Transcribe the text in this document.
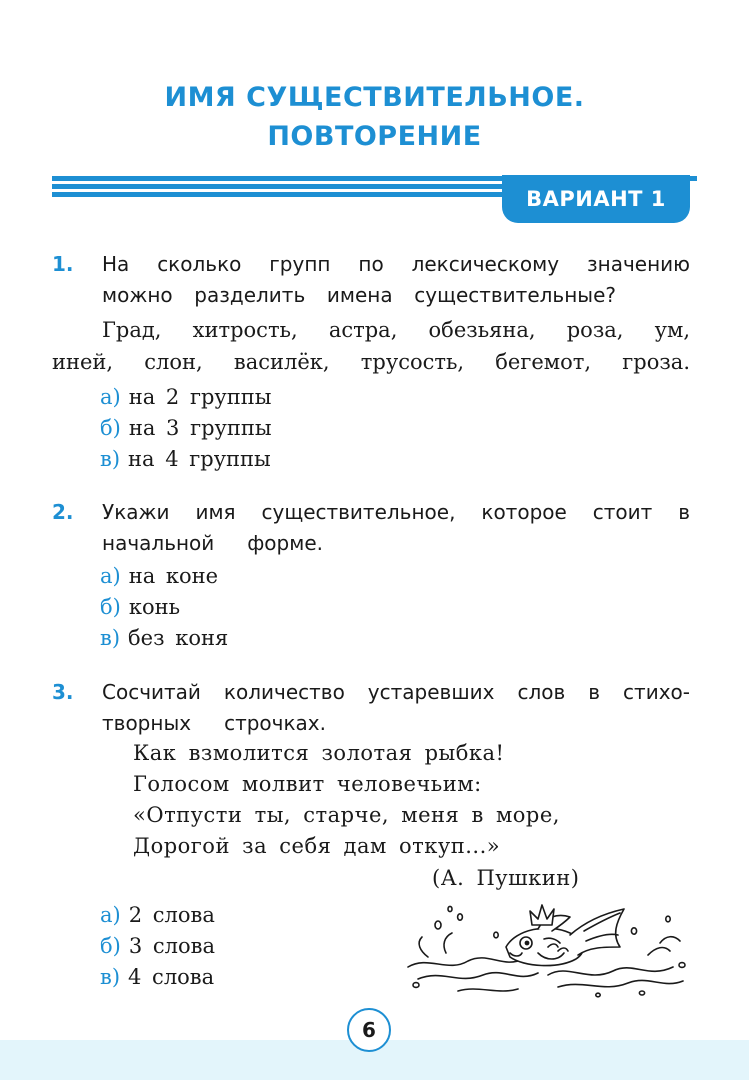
ИМЯ СУЩЕСТВИТЕЛЬНОЕ.
ПОВТОРЕНИЕ
ВАРИАНТ 1
1. На сколько групп по лексическому значению
можно разделить имена существительные?
Град, хитрость, астра, обезьяна, роза, ум,
иней, слон, василёк, трусость, бегемот, гроза.
а) на 2 группы
б) на 3 группы
в) на 4 группы
2. Укажи имя существительное, которое стоит в
начальной форме.
а) на коне
б) конь
в) без коня
3. Сосчитай количество устаревших слов в стихо-
творных строчках.
Как взмолится золотая рыбка!
Голосом молвит человечьим:
«Отпусти ты, старче, меня в море,
Дорогой за себя дам откуп...»
(А. Пушкин)
а) 2 слова
б) 3 слова
в) 4 слова
6
